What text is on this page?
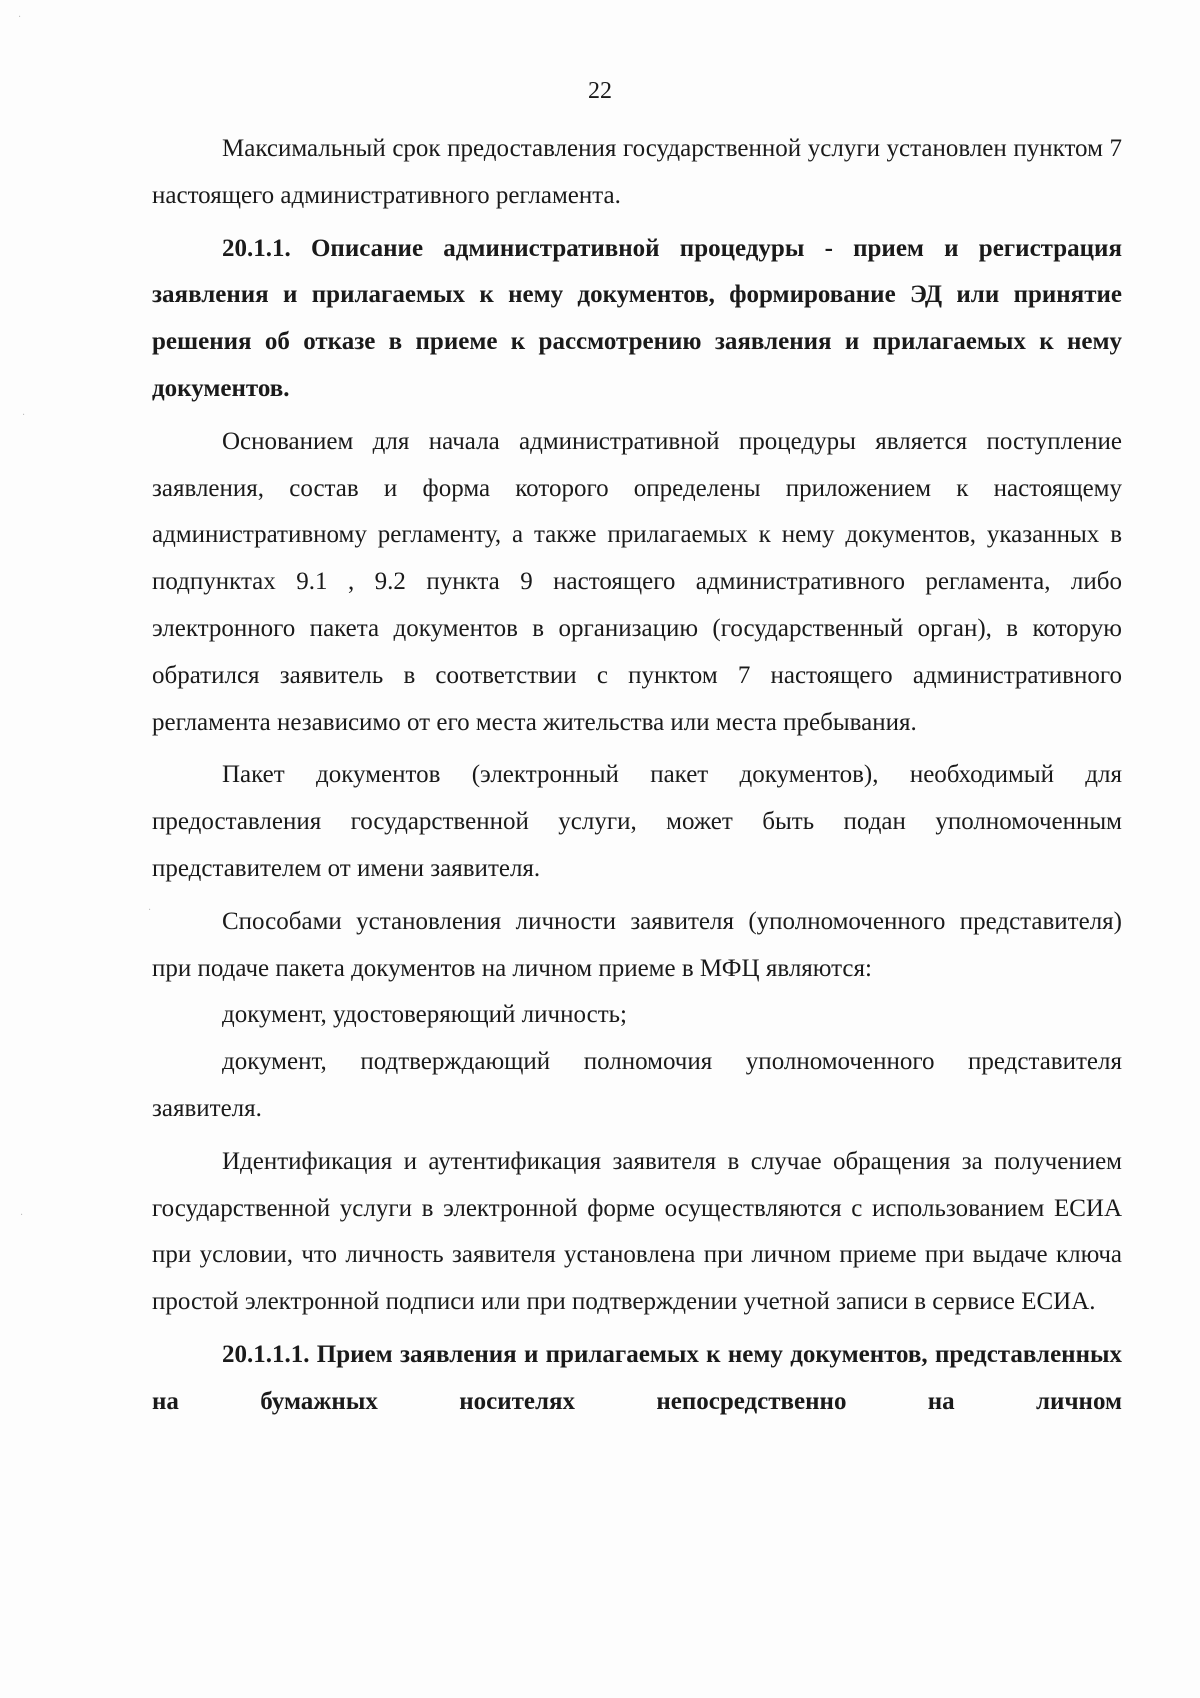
22

Максимальный срок предоставления государственной услуги установлен пунктом 7 настоящего административного регламента.

20.1.1. Описание административной процедуры - прием и регистрация заявления и прилагаемых к нему документов, формирование ЭД или принятие решения об отказе в приеме к рассмотрению заявления и прилагаемых к нему документов.

Основанием для начала административной процедуры является поступление заявления, состав и форма которого определены приложением к настоящему административному регламенту, а также прилагаемых к нему документов, указанных в подпунктах 9.1 , 9.2 пункта 9 настоящего административного регламента, либо электронного пакета документов в организацию (государственный орган), в которую обратился заявитель в соответствии с пунктом 7 настоящего административного регламента независимо от его места жительства или места пребывания.

Пакет документов (электронный пакет документов), необходимый для предоставления государственной услуги, может быть подан уполномоченным представителем от имени заявителя.

Способами установления личности заявителя (уполномоченного представителя) при подаче пакета документов на личном приеме в МФЦ являются:

документ, удостоверяющий личность;

документ, подтверждающий полномочия уполномоченного представителя заявителя.

Идентификация и аутентификация заявителя в случае обращения за получением государственной услуги в электронной форме осуществляются с использованием ЕСИА при условии, что личность заявителя установлена при личном приеме при выдаче ключа простой электронной подписи или при подтверждении учетной записи в сервисе ЕСИА.

20.1.1.1. Прием заявления и прилагаемых к нему документов, представленных на бумажных носителях непосредственно на личном

·
·
·
·
